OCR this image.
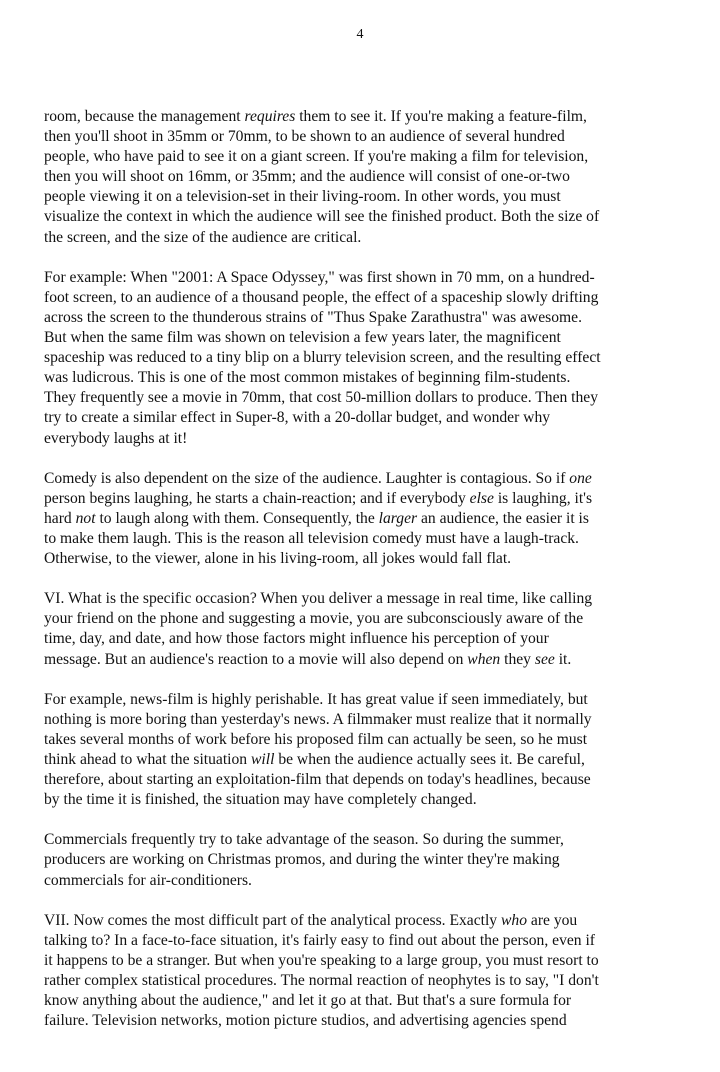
4
room, because the management requires them to see it. If you're making a feature-film,
then you'll shoot in 35mm or 70mm, to be shown to an audience of several hundred
people, who have paid to see it on a giant screen. If you're making a film for television,
then you will shoot on 16mm, or 35mm; and the audience will consist of one-or-two
people viewing it on a television-set in their living-room. In other words, you must
visualize the context in which the audience will see the finished product. Both the size of
the screen, and the size of the audience are critical.
For example: When "2001: A Space Odyssey," was first shown in 70 mm, on a hundred-
foot screen, to an audience of a thousand people, the effect of a spaceship slowly drifting
across the screen to the thunderous strains of "Thus Spake Zarathustra" was awesome.
But when the same film was shown on television a few years later, the magnificent
spaceship was reduced to a tiny blip on a blurry television screen, and the resulting effect
was ludicrous. This is one of the most common mistakes of beginning film-students.
They frequently see a movie in 70mm, that cost 50-million dollars to produce. Then they
try to create a similar effect in Super-8, with a 20-dollar budget, and wonder why
everybody laughs at it!
Comedy is also dependent on the size of the audience. Laughter is contagious. So if one
person begins laughing, he starts a chain-reaction; and if everybody else is laughing, it's
hard not to laugh along with them. Consequently, the larger an audience, the easier it is
to make them laugh. This is the reason all television comedy must have a laugh-track.
Otherwise, to the viewer, alone in his living-room, all jokes would fall flat.
VI. What is the specific occasion? When you deliver a message in real time, like calling
your friend on the phone and suggesting a movie, you are subconsciously aware of the
time, day, and date, and how those factors might influence his perception of your
message. But an audience's reaction to a movie will also depend on when they see it.
For example, news-film is highly perishable. It has great value if seen immediately, but
nothing is more boring than yesterday's news. A filmmaker must realize that it normally
takes several months of work before his proposed film can actually be seen, so he must
think ahead to what the situation will be when the audience actually sees it. Be careful,
therefore, about starting an exploitation-film that depends on today's headlines, because
by the time it is finished, the situation may have completely changed.
Commercials frequently try to take advantage of the season. So during the summer,
producers are working on Christmas promos, and during the winter they're making
commercials for air-conditioners.
VII. Now comes the most difficult part of the analytical process. Exactly who are you
talking to? In a face-to-face situation, it's fairly easy to find out about the person, even if
it happens to be a stranger. But when you're speaking to a large group, you must resort to
rather complex statistical procedures. The normal reaction of neophytes is to say, "I don't
know anything about the audience," and let it go at that. But that's a sure formula for
failure. Television networks, motion picture studios, and advertising agencies spend
